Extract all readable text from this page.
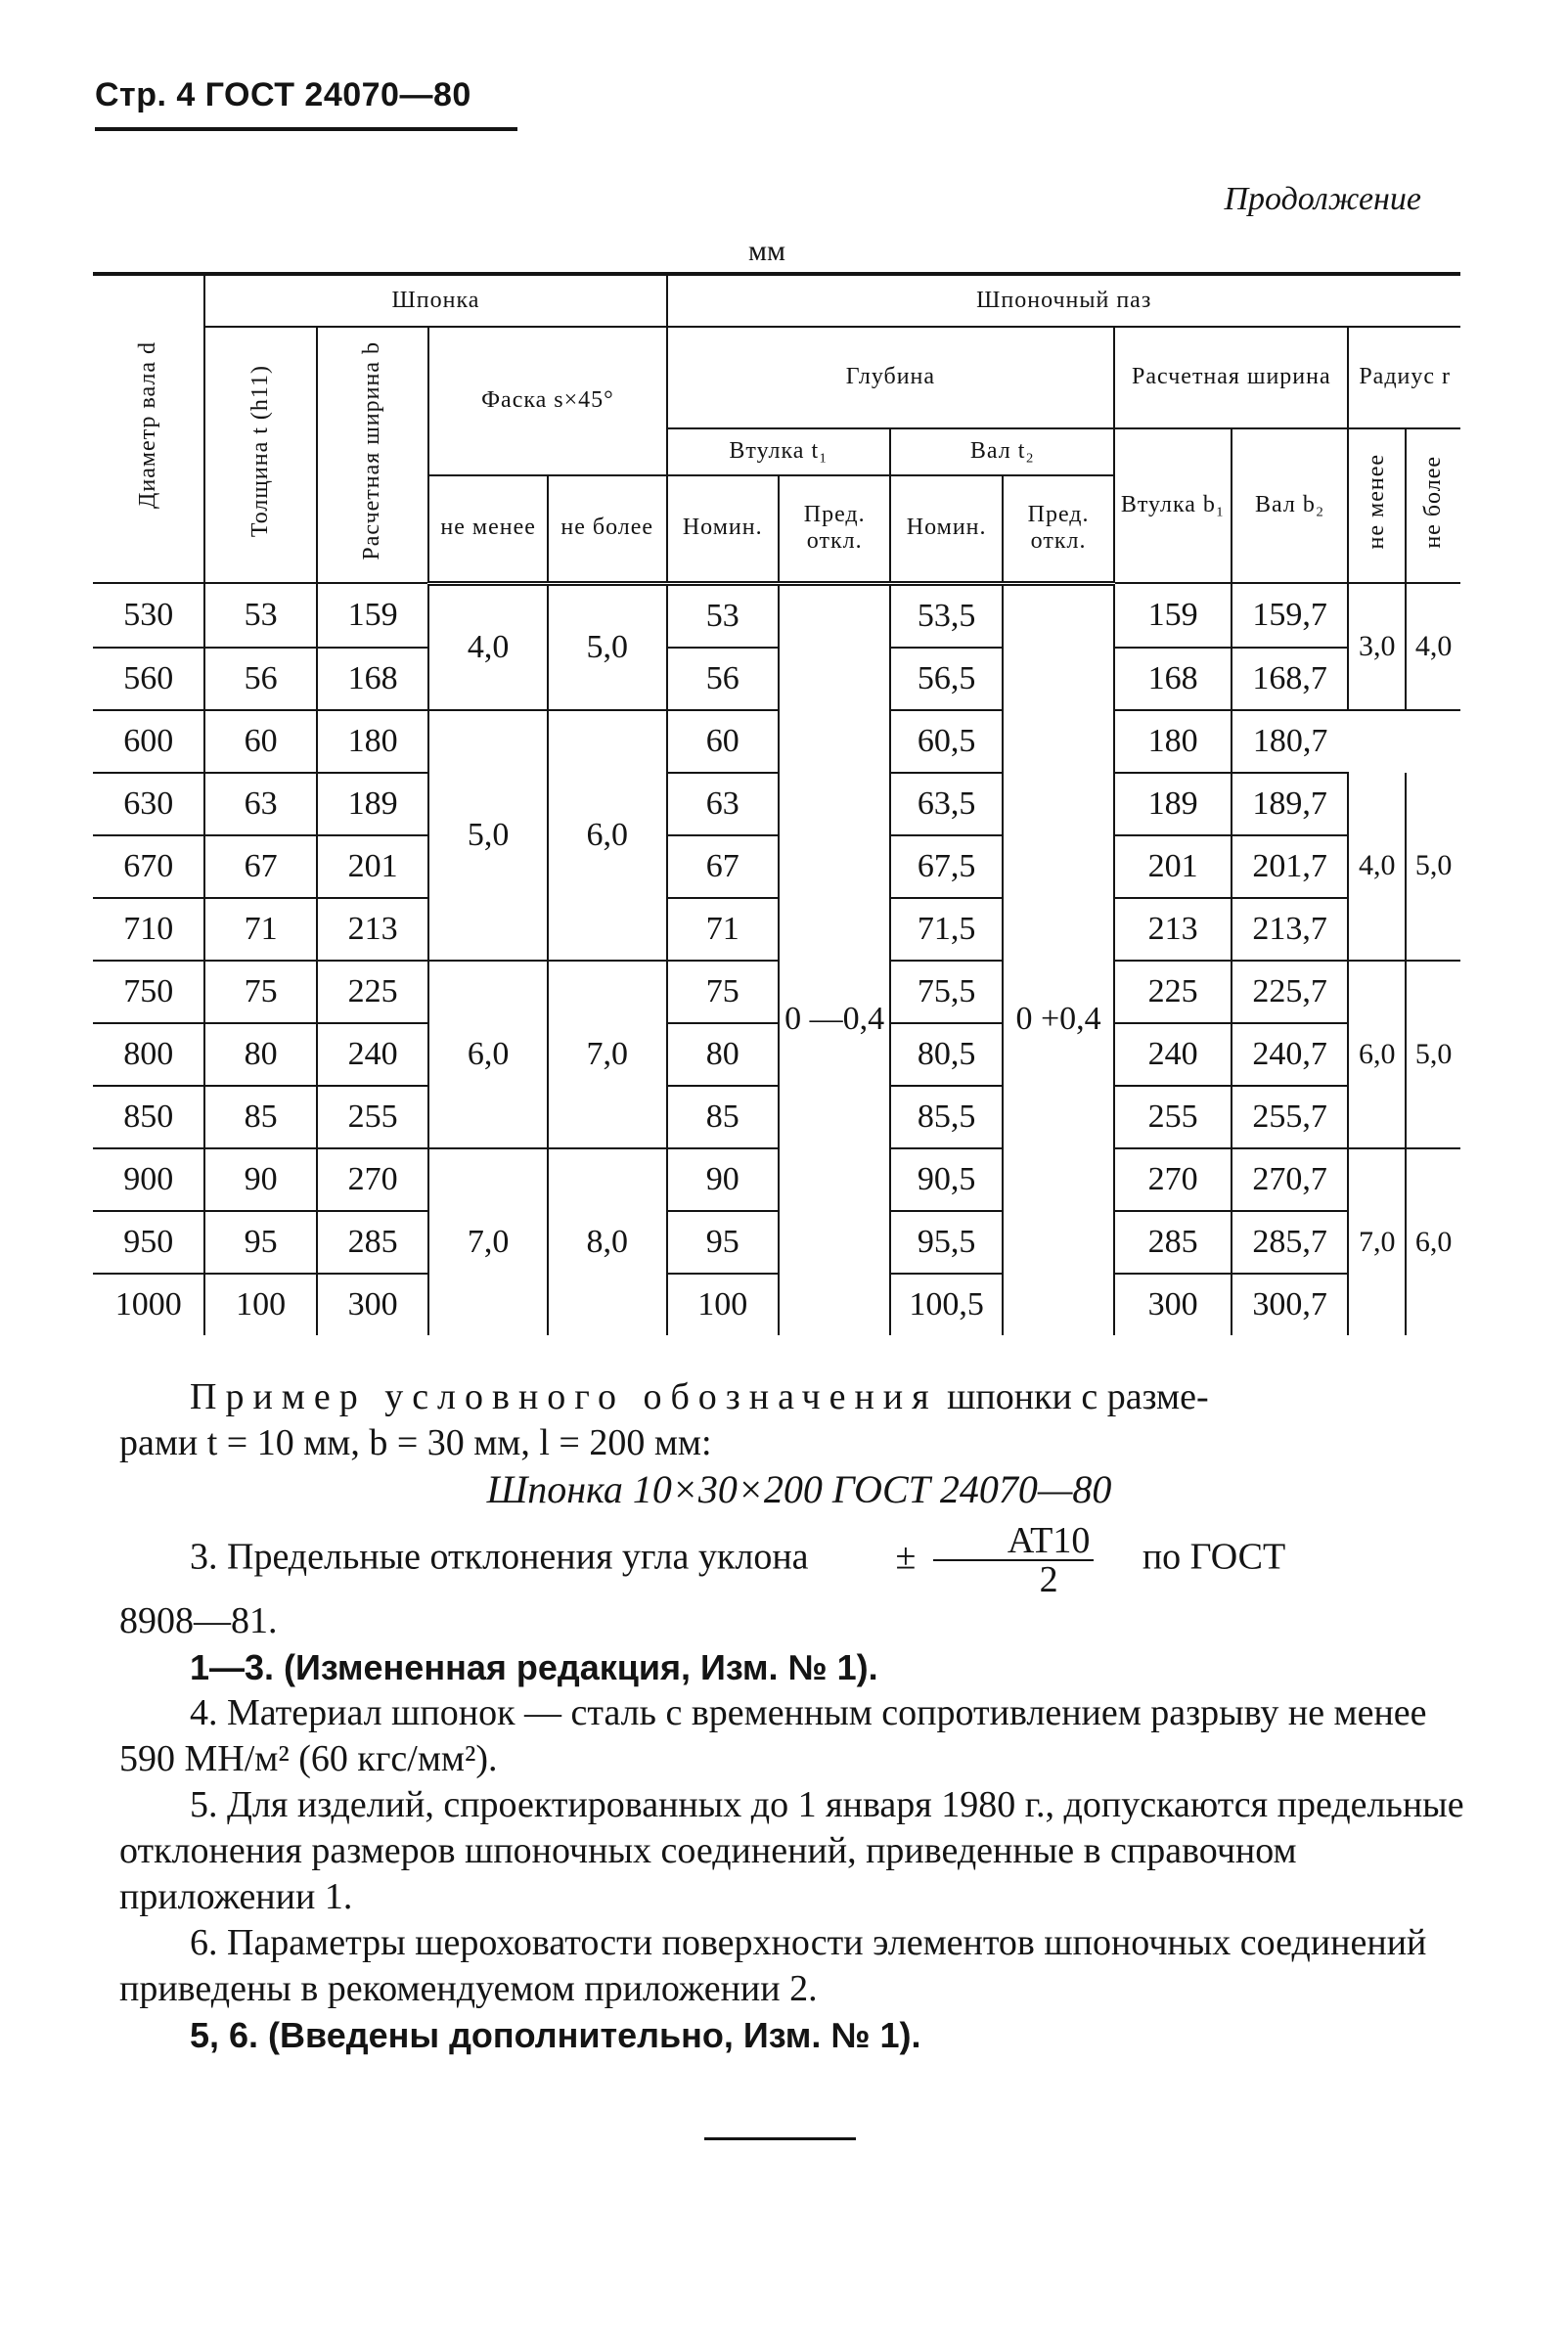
Стр. 4 ГОСТ 24070—80
Продолжение
мм
Диаметр вала d	Шпонка				Шпоночный паз							
	Толщина t (h11)	Расчетная ширина b	Фаска s×45°		Глубина				Расчетная ширина		Радиус r	
					Втулка t₁		Вал t₂		Втулка b₁	Вал b₂	не менее	не более
			не менее	не более	Номин.	Пред. откл.	Номин.	Пред. откл.				
530	53	159	4,0	5,0	53	0 —0,4	53,5	0 +0,4	159	159,7	3,0	4,0
560	56	168			56		56,5		168	168,7		
600	60	180	5,0	6,0	60		60,5		180	180,7		
630	63	189			63		63,5		189	189,7	4,0	5,0
670	67	201			67		67,5		201	201,7		
710	71	213			71		71,5		213	213,7		
750	75	225	6,0	7,0	75		75,5		225	225,7	6,0	5,0
800	80	240			80		80,5		240	240,7		
850	85	255			85		85,5		255	255,7		
900	90	270	7,0	8,0	90		90,5		270	270,7	7,0	6,0
950	95	285			95		95,5		285	285,7		
1000	100	300			100		100,5		300	300,7		

Пример условного обозначения шпонки с разме-

рами t = 10 мм, b = 30 мм, l = 200 мм:

Шпонка 10×30×200 ГОСТ 24070—80

3. Предельные отклонения угла уклона ± $\frac{AT10}{2}$ по ГОСТ

8908—81.

1—3. (Измененная редакция, Изм. № 1).

4. Материал шпонок — сталь с временным сопротивлением разрыву не менее 590 МН/м² (60 кгс/мм²).

5. Для изделий, спроектированных до 1 января 1980 г., допускаются предельные отклонения размеров шпоночных соединений, приведенные в справочном приложении 1.

6. Параметры шероховатости поверхности элементов шпоночных соединений приведены в рекомендуемом приложении 2.

5, 6. (Введены дополнительно, Изм. № 1).
